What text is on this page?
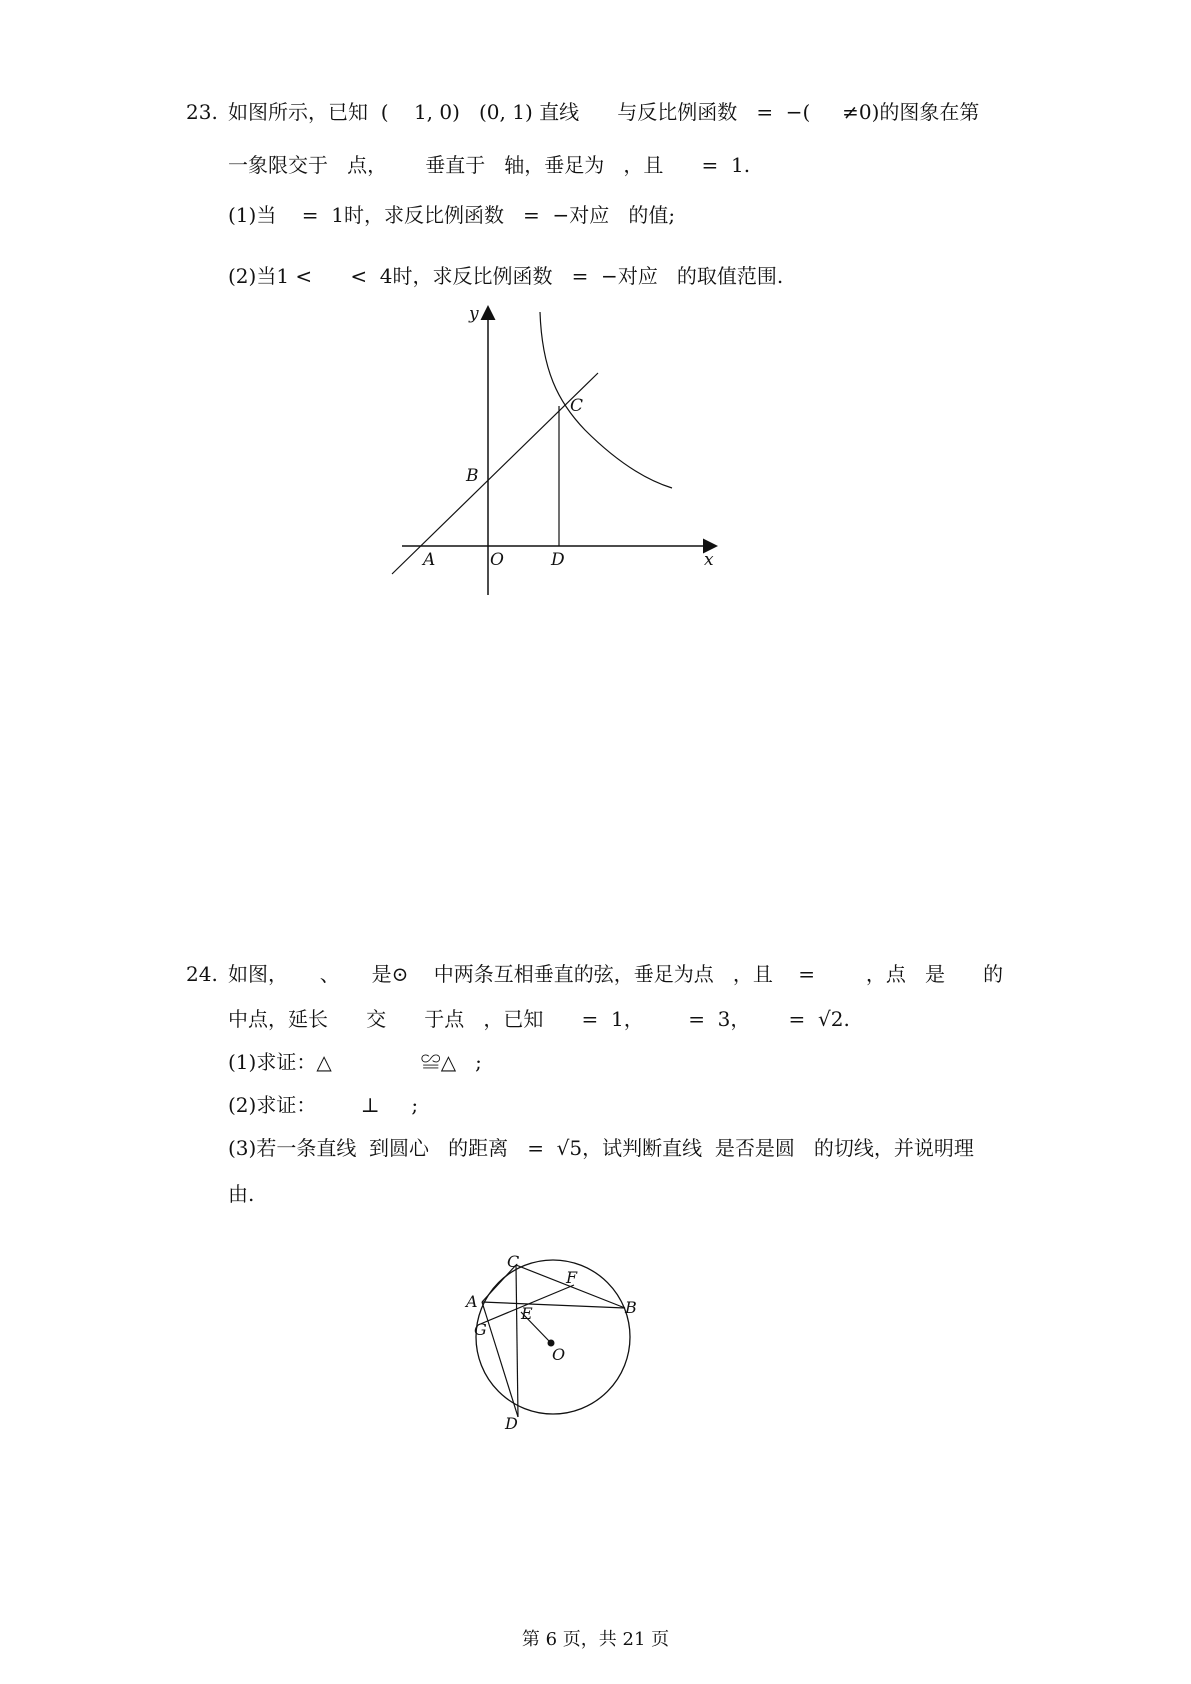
23. 如图所示，已知  (    1, 0)   (0, 1) 直线      与反比例函数   =  −(     ≠0)的图象在第
一象限交于   点，      垂直于   轴，垂足为   ，且      =  1.
(1)当    =  1时，求反比例函数   =  −对应   的值;
(2)当1 <      <  4时，求反比例函数   =  −对应   的取值范围.
y
x
O
A
B
C
D
24. 如图，     、     是⊙    中两条互相垂直的弦，垂足为点   ，且    =        ，点   是      的
中点，延长      交      于点   ，已知      =  1，       =  3，      =  √2.
(1)求证：△              ≌△   ;
(2)求证：       ⊥     ;
(3)若一条直线  到圆心   的距离   =  √5，试判断直线  是否是圆   的切线，并说明理
由.
C
F
A	B
G
E
O
D
第 6 页，共 21 页
